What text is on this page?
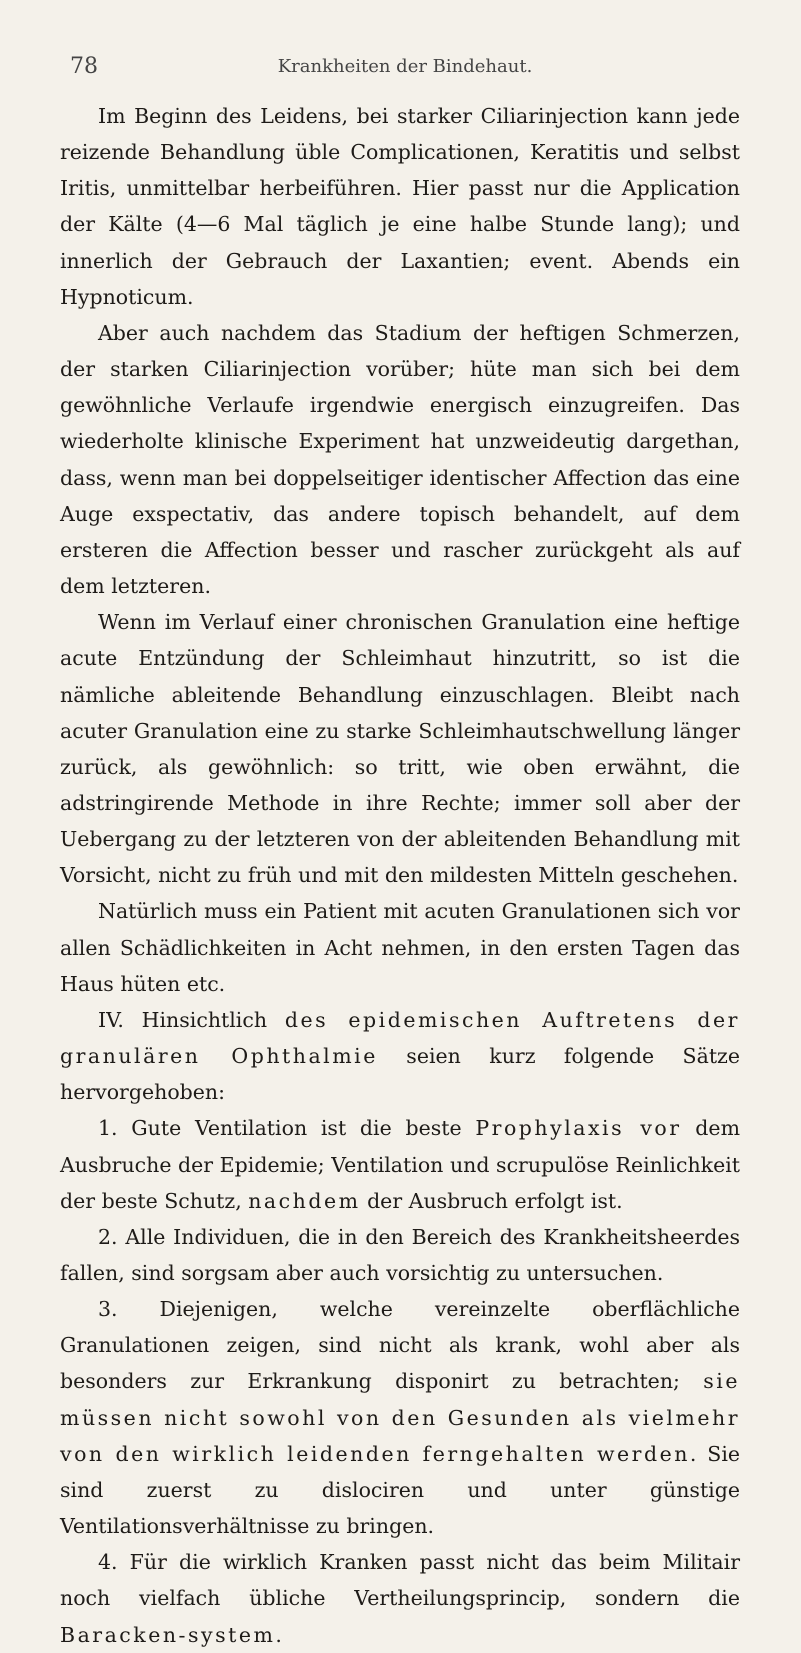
78	Krankheiten der Bindehaut.

Im Beginn des Leidens, bei starker Ciliarinjection kann jede reizende Behandlung üble Complicationen, Keratitis und selbst Iritis, unmittelbar herbeiführen. Hier passt nur die Application der Kälte (4—6 Mal täglich je eine halbe Stunde lang); und innerlich der Gebrauch der Laxantien; event. Abends ein Hypnoticum.

Aber auch nachdem das Stadium der heftigen Schmerzen, der starken Ciliarinjection vorüber; hüte man sich bei dem gewöhnliche Verlaufe irgendwie energisch einzugreifen. Das wiederholte klinische Experiment hat unzweideutig dargethan, dass, wenn man bei doppelseitiger identischer Affection das eine Auge exspectativ, das andere topisch behandelt, auf dem ersteren die Affection besser und rascher zurückgeht als auf dem letzteren.

Wenn im Verlauf einer chronischen Granulation eine heftige acute Entzündung der Schleimhaut hinzutritt, so ist die nämliche ableitende Behandlung einzuschlagen. Bleibt nach acuter Granulation eine zu starke Schleimhautschwellung länger zurück, als gewöhnlich: so tritt, wie oben erwähnt, die adstringirende Methode in ihre Rechte; immer soll aber der Uebergang zu der letzteren von der ableitenden Behandlung mit Vorsicht, nicht zu früh und mit den mildesten Mitteln geschehen.

Natürlich muss ein Patient mit acuten Granulationen sich vor allen Schädlichkeiten in Acht nehmen, in den ersten Tagen das Haus hüten etc.

IV. Hinsichtlich des epidemischen Auftretens der granulären Ophthalmie seien kurz folgende Sätze hervorgehoben:

1. Gute Ventilation ist die beste Prophylaxis vor dem Ausbruche der Epidemie; Ventilation und scrupulöse Reinlichkeit der beste Schutz, nachdem der Ausbruch erfolgt ist.

2. Alle Individuen, die in den Bereich des Krankheitsheerdes fallen, sind sorgsam aber auch vorsichtig zu untersuchen.

3. Diejenigen, welche vereinzelte oberflächliche Granulationen zeigen, sind nicht als krank, wohl aber als besonders zur Erkrankung disponirt zu betrachten; sie müssen nicht sowohl von den Gesunden als vielmehr von den wirklich leidenden ferngehalten werden. Sie sind zuerst zu dislociren und unter günstige Ventilationsverhältnisse zu bringen.

4. Für die wirklich Kranken passt nicht das beim Militair noch vielfach übliche Vertheilungsprincip, sondern die Baracken-system.
